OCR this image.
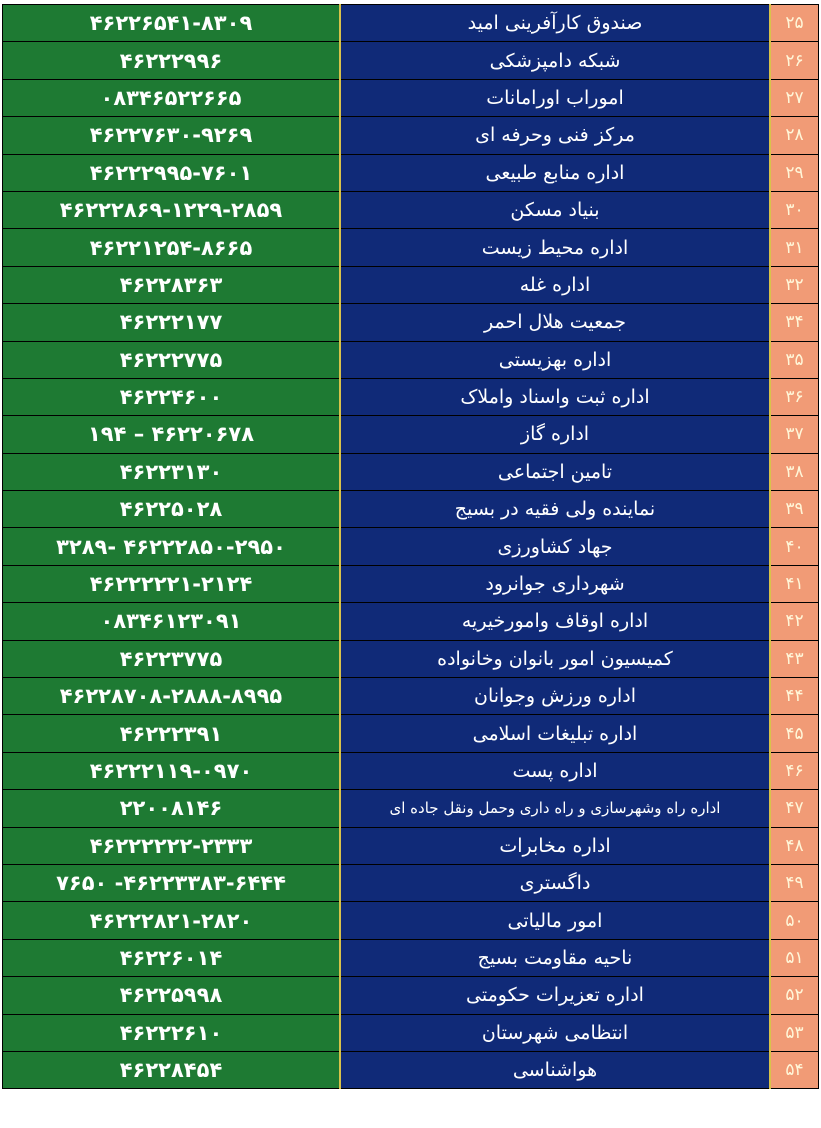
۴۶۲۲۶۵۴۱-۸۳۰۹	صندوق کارآفرینی امید	۲۵
۴۶۲۲۲۹۹۶	شبکه دامپزشکی	۲۶
۰۸۳۴۶۵۲۲۶۶۵	اموراب اورامانات	۲۷
۴۶۲۲۷۶۳۰-۹۲۶۹	مرکز فنی وحرفه ای	۲۸
۴۶۲۲۲۹۹۵-۷۶۰۱	اداره منابع طبیعی	۲۹
۴۶۲۲۲۸۶۹-۱۲۲۹-۲۸۵۹	بنیاد مسکن	۳۰
۴۶۲۲۱۲۵۴-۸۶۶۵	اداره محیط زیست	۳۱
۴۶۲۲۸۳۶۳	اداره غله	۳۲
۴۶۲۲۲۱۷۷	جمعیت هلال احمر	۳۴
۴۶۲۲۲۷۷۵	اداره بهزیستی	۳۵
۴۶۲۲۴۶۰۰	اداره ثبت واسناد واملاک	۳۶
۴۶۲۲۰۶۷۸ – ۱۹۴	اداره گاز	۳۷
۴۶۲۲۳۱۳۰	تامین اجتماعی	۳۸
۴۶۲۲۵۰۲۸	نماینده ولی فقیه در بسیج	۳۹
۴۶۲۲۲۸۵۰-۲۹۵۰ -۳۲۸۹	جهاد کشاورزی	۴۰
۴۶۲۲۲۲۲۱-۲۱۲۴	شهرداری جوانرود	۴۱
۰۸۳۴۶۱۲۳۰۹۱	اداره اوقاف وامورخیریه	۴۲
۴۶۲۲۳۷۷۵	کمیسیون امور بانوان وخانواده	۴۳
۴۶۲۲۸۷۰۸-۲۸۸۸-۸۹۹۵	اداره ورزش وجوانان	۴۴
۴۶۲۲۲۳۹۱	اداره تبلیغات اسلامی	۴۵
۴۶۲۲۲۱۱۹-۰۹۷۰	اداره پست	۴۶
۲۲۰۰۸۱۴۶	اداره راه وشهرسازی و راه داری وحمل ونقل جاده ای	۴۷
۴۶۲۲۲۲۲۲-۲۳۳۳	اداره مخابرات	۴۸
۴۶۲۲۳۳۸۳-۶۴۴۴- ۷۶۵۰	داگستری	۴۹
۴۶۲۲۲۸۲۱-۲۸۲۰	امور مالیاتی	۵۰
۴۶۲۲۶۰۱۴	ناحیه مقاومت بسیج	۵۱
۴۶۲۲۵۹۹۸	اداره تعزیرات حکومتی	۵۲
۴۶۲۲۲۶۱۰	انتظامی شهرستان	۵۳
۴۶۲۲۸۴۵۴	هواشناسی	۵۴
